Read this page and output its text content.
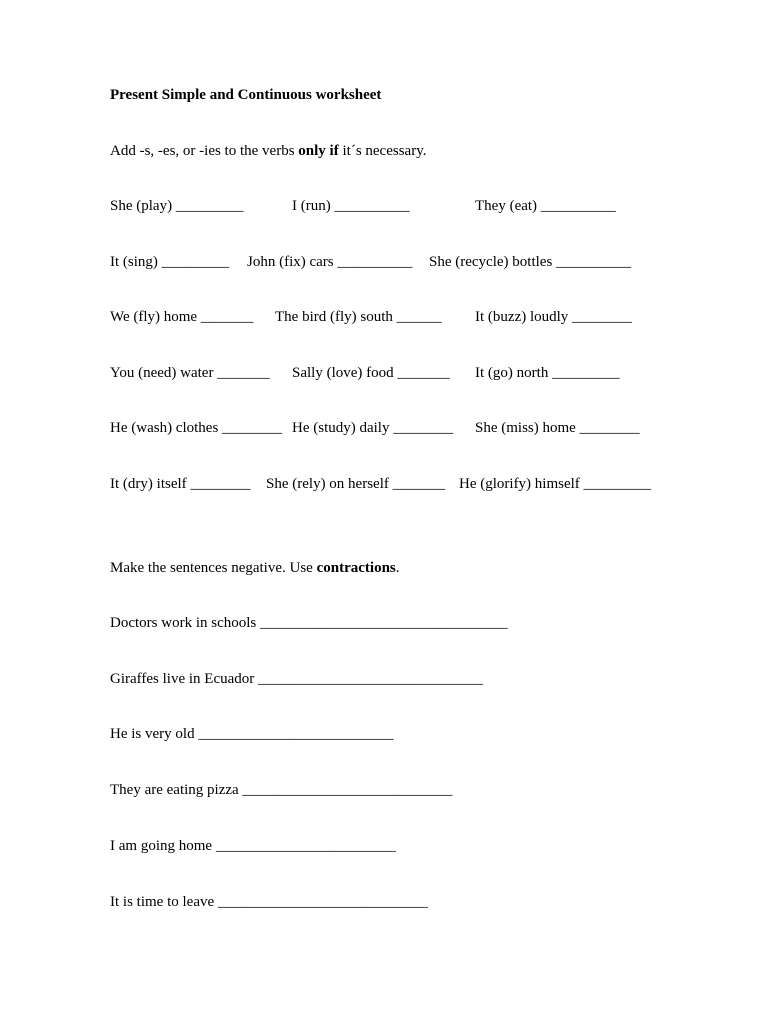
Present Simple and Continuous worksheet
Add -s, -es, or -ies to the verbs only if it´s necessary.
She (play) _________	I (run) __________	They (eat) __________
It (sing) _________ John (fix) cars __________ She (recycle) bottles __________
We (fly) home _______ The bird (fly) south ______ It (buzz) loudly ________
You (need) water _______ Sally (love) food _______ It (go) north _________
He (wash) clothes ________ He (study) daily ________ She (miss) home ________
It (dry) itself ________ She (rely) on herself _______ He (glorify) himself _________
Make the sentences negative. Use contractions.
Doctors work in schools _________________________________
Giraffes live in Ecuador ______________________________
He is very old __________________________
They are eating pizza ____________________________
I am going home ________________________
It is time to leave ____________________________
